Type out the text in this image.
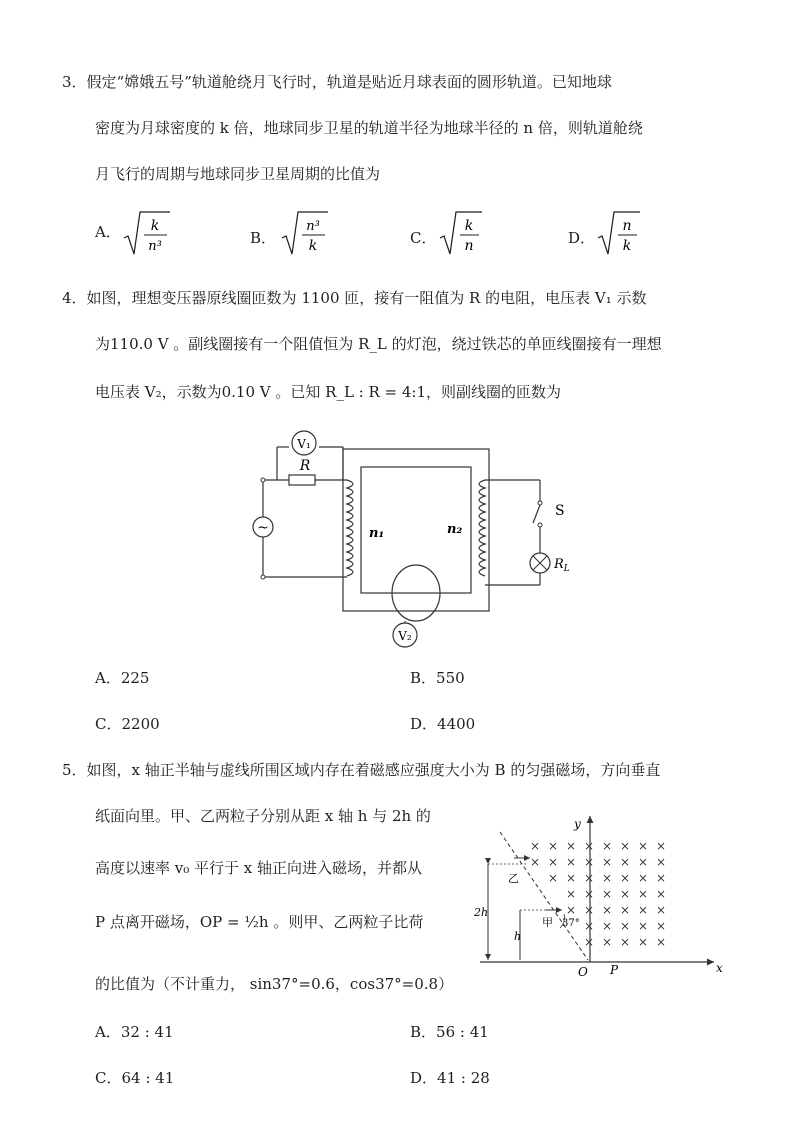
3．假定“嫦娥五号”轨道舱绕月飞行时，轨道是贴近月球表面的圆形轨道。已知地球
密度为月球密度的 k 倍，地球同步卫星的轨道半径为地球半径的 n 倍，则轨道舱绕
月飞行的周期与地球同步卫星周期的比值为
A． k
n³	B．
n³
k	C．
k
n	D．
n
k
4．如图，理想变压器原线圈匝数为 1100 匝，接有一阻值为 R 的电阻，电压表 V₁ 示数
为110.0 V 。副线圈接有一个阻值恒为 R_L 的灯泡，绕过铁芯的单匝线圈接有一理想
电压表 V₂，示数为0.10 V 。已知 R_L : R = 4:1，则副线圈的匝数为
~
V₁
R
S
$R_L$
n₁	n₂
V₂
A．225	B．550
C．2200	D．4400
5．如图，x 轴正半轴与虚线所围区域内存在着磁感应强度大小为 B 的匀强磁场，方向垂直
纸面向里。甲、乙两粒子分别从距 x 轴 h 与 2h 的
高度以速率 v₀ 平行于 x 轴正向进入磁场，并都从
P 点离开磁场，OP = ½h 。则甲、乙两粒子比荷
的比值为（不计重力， sin37°=0.6，cos37°=0.8）
y
x
O P
× × × × × × × ×
× × × × × × × ×
× × × × × × ×
× × × × × ×
× × × × × ×
× × × × ×
× × × × ×
2h
h
乙
甲 37°
A．32 : 41	B．56 : 41
C．64 : 41	D．41 : 28
